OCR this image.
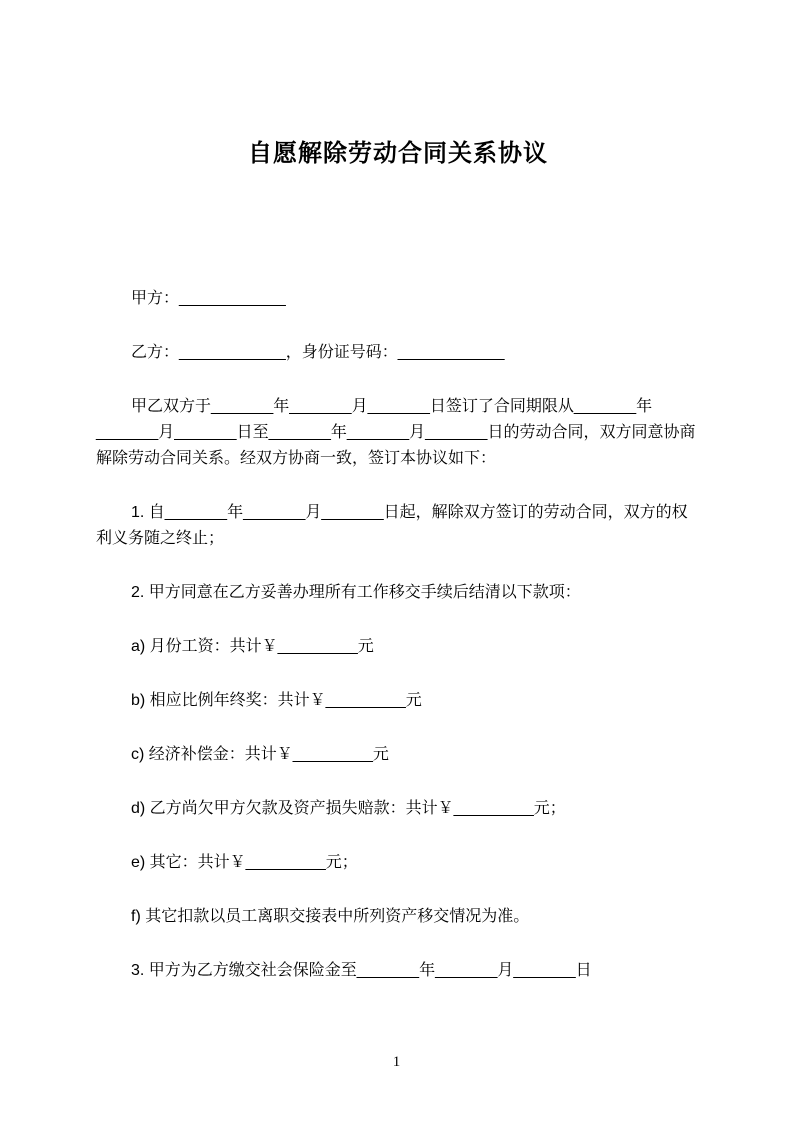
自愿解除劳动合同关系协议

甲方：____________

乙方：____________，身份证号码：____________

甲乙双方于_______年_______月_______日签订了合同期限从_______年_______月_______日至_______年_______月_______日的劳动合同，双方同意协商解除劳动合同关系。经双方协商一致，签订本协议如下：

1. 自_______年_______月_______日起，解除双方签订的劳动合同，双方的权利义务随之终止；

2. 甲方同意在乙方妥善办理所有工作移交手续后结清以下款项：

a) 月份工资：共计￥_________元

b) 相应比例年终奖：共计￥_________元

c) 经济补偿金：共计￥_________元

d) 乙方尚欠甲方欠款及资产损失赔款：共计￥_________元；

e) 其它：共计￥_________元；

f) 其它扣款以员工离职交接表中所列资产移交情况为准。

3. 甲方为乙方缴交社会保险金至_______年_______月_______日

1
